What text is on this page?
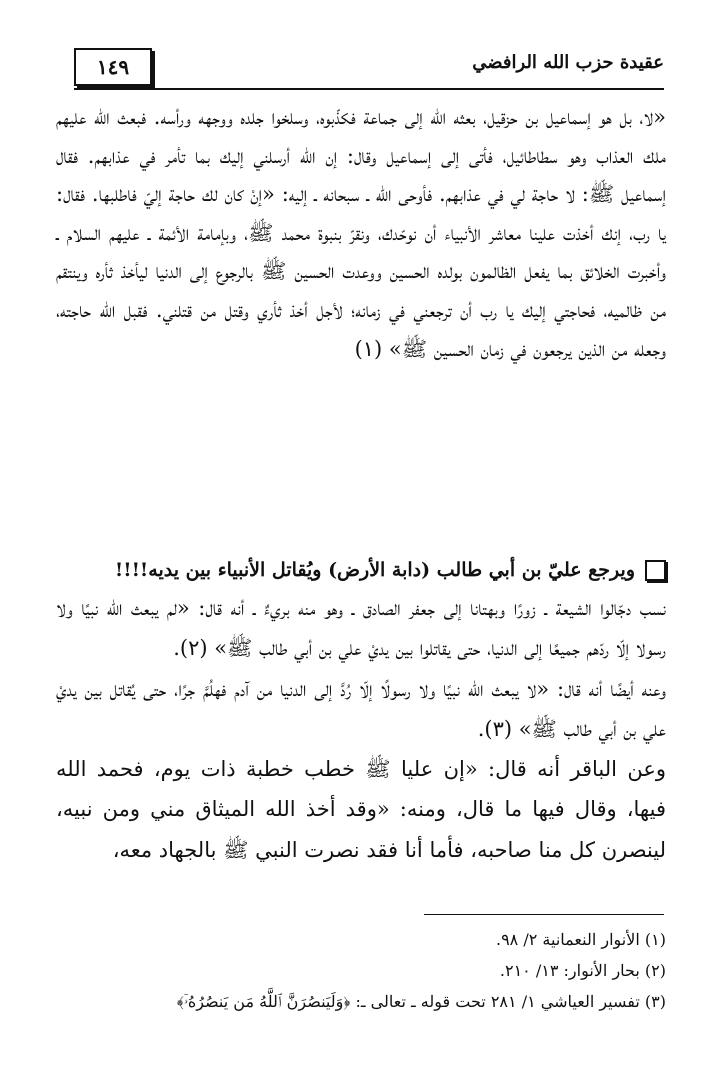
١٤٩	عقيدة حزب الله الرافضي

«لا، بل هو إسماعيل بن حزقيل، بعثه الله إلى جماعة فكذّبوه، وسلخوا جلده ووجهه ورأسه. فبعث الله عليهم ملك العذاب وهو سطاطائيل، فأتى إلى إسماعيل وقال: إن الله أرسلني إليك بما تأمر في عذابهم. فقال إسماعيل ﷺ: لا حاجة لي في عذابهم. فأوحى الله ـ سبحانه ـ إليه: «إنْ كان لك حاجة إليّ فاطلبها. فقال: يا رب، إنك أخذت علينا معاشر الأنبياء أن نوحّدك، ونقرّ بنبوة محمد ﷺ، وبإمامة الأئمة ـ عليهم السلام ـ وأخبرت الخلائق بما يفعل الظالمون بولده الحسين ووعدت الحسين ﷺ بالرجوع إلى الدنيا ليأخذ ثأره وينتقم من ظالميه، فحاجتي إليك يا رب أن ترجعني في زمانه؛ لأجل أخذ ثأري وقتل من قتلني. فقبل الله حاجته، وجعله من الذين يرجعون في زمان الحسين ﷺ» (١)

ويرجع عليّ بن أبي طالب (دابة الأرض) ويُقاتل الأنبياء بين يديه!!!!

نسب دجّالوا الشيعة ـ زورًا وبهتانا إلى جعفر الصادق ـ وهو منه بريءٌ ـ أنه قال: «لم يبعث الله نبيًا ولا رسولا إلّا ردّهم جميعًا إلى الدنيا، حتى يقاتلوا بين يديْ علي بن أبي طالب ﷺ» (٢).

وعنه أيضًا أنه قال: «لا يبعث الله نبيًا ولا رسولًا إلّا رُدَّ إلى الدنيا من آدم فهلُمَّ جرًا، حتى يُقاتل بين يديْ علي بن أبي طالب ﷺ» (٣).

وعن الباقر أنه قال: «إن عليا ﷺ خطب خطبة ذات يوم، فحمد الله فيها، وقال فيها ما قال، ومنه: «وقد أخذ الله الميثاق مني ومن نبيه، لينصرن كل منا صاحبه، فأما أنا فقد نصرت النبي ﷺ بالجهاد معه،

(١) الأنوار النعمانية ٢/ ٩٨.
(٢) بحار الأنوار: ١٣/ ٢١٠.
(٣) تفسير العياشي ١/ ٢٨١ تحت قوله ـ تعالى ـ: ﴿وَلَيَنصُرَنَّ ٱللَّهُ مَن يَنصُرُهُۥٓ﴾
